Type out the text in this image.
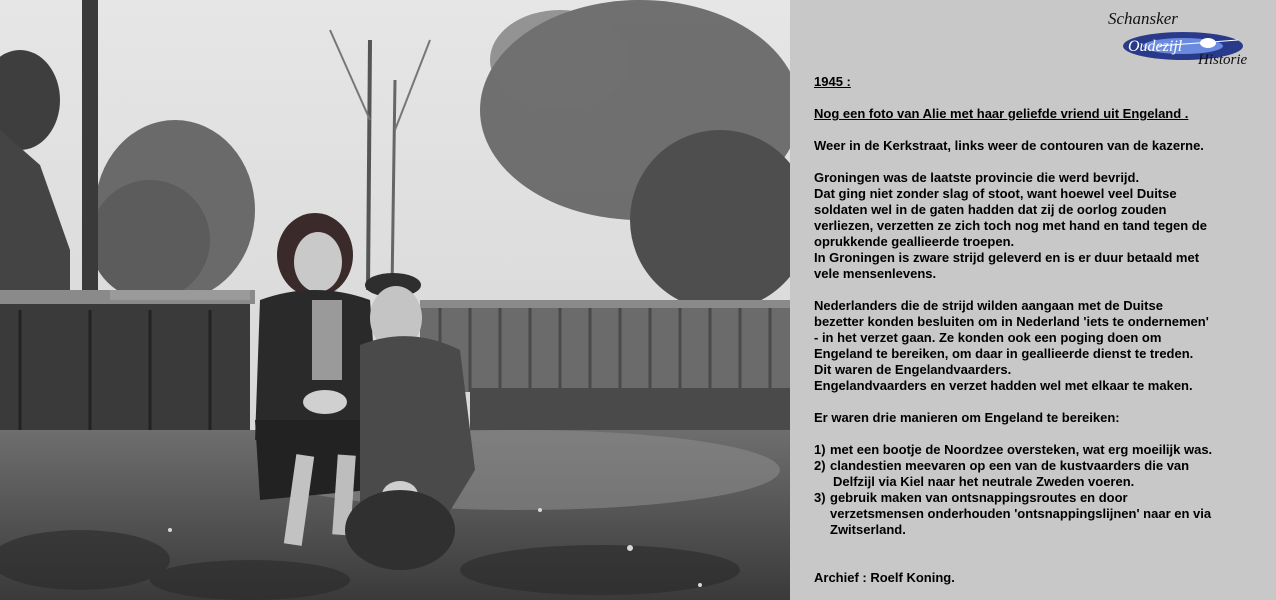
Schansker
Oudezijl
Historie

1945 :

Nog een foto van Alie met haar geliefde vriend uit Engeland .

Weer in de Kerkstraat, links weer de contouren van de kazerne.

Groningen was de laatste provincie die werd bevrijd.

Dat ging niet zonder slag of stoot, want hoewel veel Duitse

soldaten wel in de gaten hadden dat zij de oorlog zouden

verliezen, verzetten ze zich toch nog met hand en tand tegen de

oprukkende geallieerde troepen.

In Groningen is zware strijd geleverd en is er duur betaald met

vele mensenlevens.

Nederlanders die de strijd wilden aangaan met de Duitse

bezetter konden besluiten om in Nederland 'iets te ondernemen'

- in het verzet gaan. Ze konden ook een poging doen om

Engeland te bereiken, om daar in geallieerde dienst te treden.

Dit waren de Engelandvaarders.

Engelandvaarders en verzet hadden wel met elkaar te maken.

Er waren drie manieren om Engeland te bereiken:

1) met een bootje de Noordzee oversteken, wat erg moeilijk was.

2) clandestien meevaren op een van de kustvaarders die van

Delfzijl via Kiel naar het neutrale Zweden voeren.

3) gebruik maken van ontsnappingsroutes en door

verzetsmensen onderhouden 'ontsnappingslijnen' naar en via

Zwitserland.

Archief : Roelf Koning.
